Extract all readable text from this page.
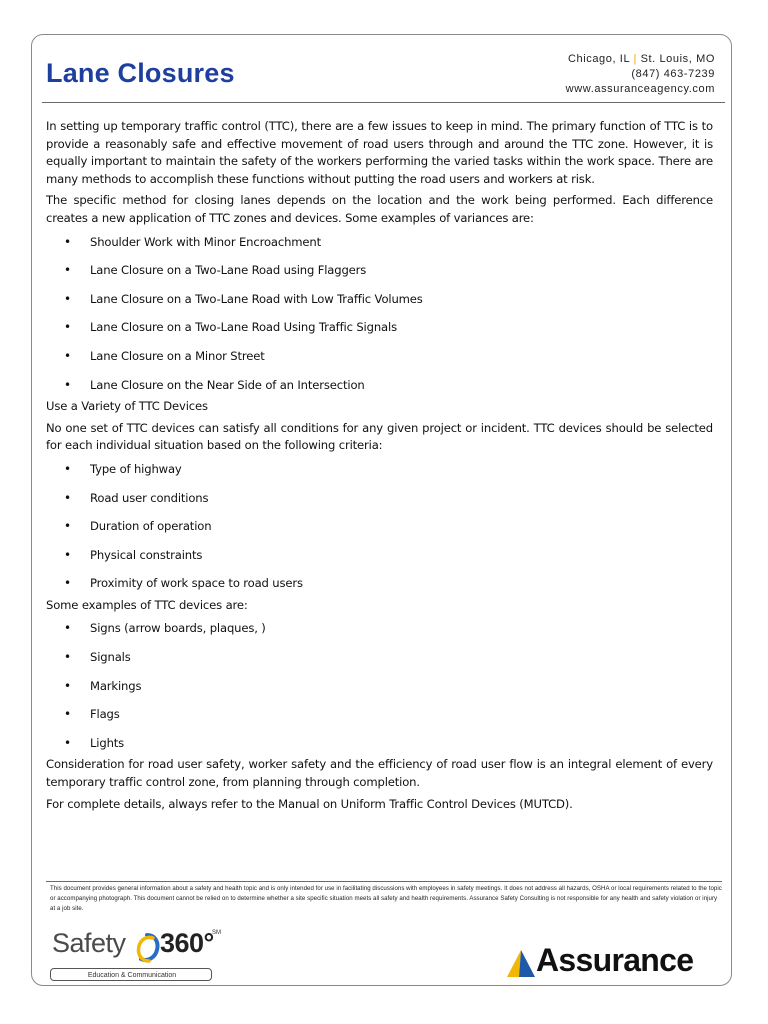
Lane Closures	Chicago, IL | St. Louis, MO
(847) 463-7239
www.assuranceagency.com

In setting up temporary traffic control (TTC), there are a few issues to keep in mind. The primary function of TTC is to provide a reasonably safe and effective movement of road users through and around the TTC zone. However, it is equally important to maintain the safety of the workers performing the varied tasks within the work space. There are many methods to accomplish these functions without putting the road users and workers at risk.

The specific method for closing lanes depends on the location and the work being performed. Each difference creates a new application of TTC zones and devices. Some examples of variances are:

• Shoulder Work with Minor Encroachment
• Lane Closure on a Two-Lane Road using Flaggers
• Lane Closure on a Two-Lane Road with Low Traffic Volumes
• Lane Closure on a Two-Lane Road Using Traffic Signals
• Lane Closure on a Minor Street
• Lane Closure on the Near Side of an Intersection

Use a Variety of TTC Devices

No one set of TTC devices can satisfy all conditions for any given project or incident. TTC devices should be selected for each individual situation based on the following criteria:

• Type of highway
• Road user conditions
• Duration of operation
• Physical constraints
• Proximity of work space to road users

Some examples of TTC devices are:

• Signs (arrow boards, plaques, )
• Signals
• Markings
• Flags
• Lights

Consideration for road user safety, worker safety and the efficiency of road user flow is an integral element of every temporary traffic control zone, from planning through completion.

For complete details, always refer to the Manual on Uniform Traffic Control Devices (MUTCD).

This document provides general information about a safety and health topic and is only intended for use in facilitating discussions with employees in safety meetings. It does not address all hazards, OSHA or local requirements related to the topic or accompanying photograph. This document cannot be relied on to determine whether a site specific situation meets all safety and health requirements. Assurance Safety Consulting is not responsible for any health and safety violation or injury at a job site.
Safety 360°
SM
Education & Communication	Assurance
